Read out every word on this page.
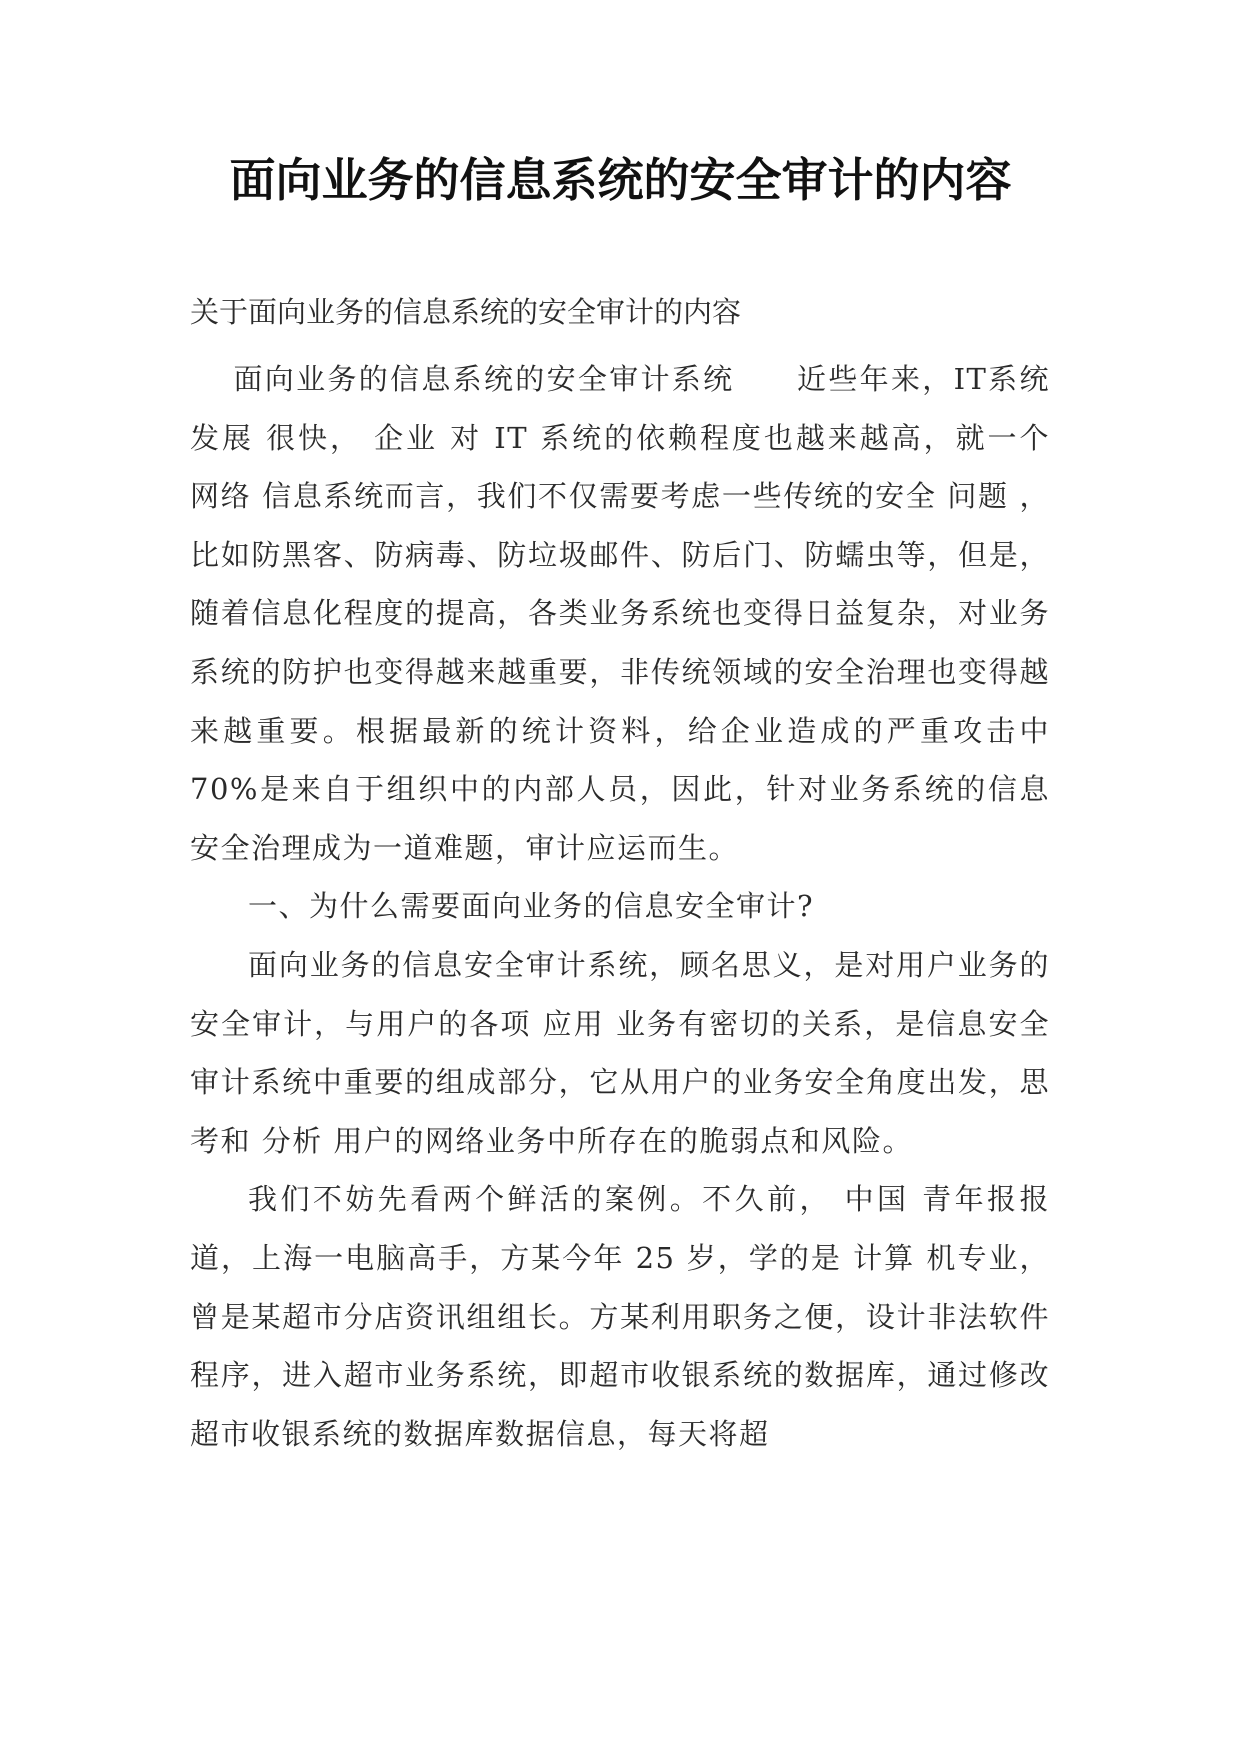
面向业务的信息系统的安全审计的内容

关于面向业务的信息系统的安全审计的内容

面向业务的信息系统的安全审计系统　　近些年来，IT系统 发展 很快， 企业 对 IT 系统的依赖程度也越来越高，就一个 网络 信息系统而言，我们不仅需要考虑一些传统的安全 问题 ，比如防黑客、防病毒、防垃圾邮件、防后门、防蠕虫等，但是，随着信息化程度的提高，各类业务系统也变得日益复杂，对业务系统的防护也变得越来越重要，非传统领域的安全治理也变得越来越重要。根据最新的统计资料，给企业造成的严重攻击中 70%是来自于组织中的内部人员，因此，针对业务系统的信息安全治理成为一道难题，审计应运而生。

一、为什么需要面向业务的信息安全审计?

面向业务的信息安全审计系统，顾名思义，是对用户业务的安全审计，与用户的各项 应用 业务有密切的关系，是信息安全审计系统中重要的组成部分，它从用户的业务安全角度出发，思考和 分析 用户的网络业务中所存在的脆弱点和风险。

我们不妨先看两个鲜活的案例。不久前， 中国 青年报报道，上海一电脑高手，方某今年 25 岁，学的是 计算 机专业，曾是某超市分店资讯组组长。方某利用职务之便，设计非法软件程序，进入超市业务系统，即超市收银系统的数据库，通过修改超市收银系统的数据库数据信息，每天将超
